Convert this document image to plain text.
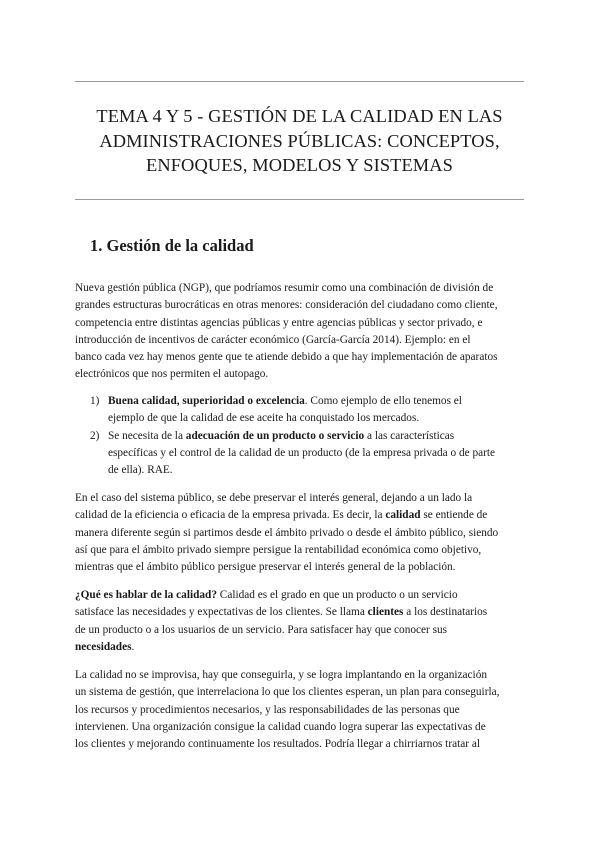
TEMA 4 Y 5 - GESTIÓN DE LA CALIDAD EN LAS
ADMINISTRACIONES PÚBLICAS: CONCEPTOS,
ENFOQUES, MODELOS Y SISTEMAS
1. Gestión de la calidad
Nueva gestión pública (NGP), que podríamos resumir como una combinación de división de
grandes estructuras burocráticas en otras menores: consideración del ciudadano como cliente,
competencia entre distintas agencias públicas y entre agencias públicas y sector privado, e
introducción de incentivos de carácter económico (García-García 2014). Ejemplo: en el
banco cada vez hay menos gente que te atiende debido a que hay implementación de aparatos
electrónicos que nos permiten el autopago.
1) Buena calidad, superioridad o excelencia. Como ejemplo de ello tenemos el
ejemplo de que la calidad de ese aceite ha conquistado los mercados.
2) Se necesita de la adecuación de un producto o servicio a las características
específicas y el control de la calidad de un producto (de la empresa privada o de parte
de ella). RAE.
En el caso del sistema público, se debe preservar el interés general, dejando a un lado la
calidad de la eficiencia o eficacia de la empresa privada. Es decir, la calidad se entiende de
manera diferente según si partimos desde el ámbito privado o desde el ámbito público, siendo
así que para el ámbito privado siempre persigue la rentabilidad económica como objetivo,
mientras que el ámbito público persigue preservar el interés general de la población.
¿Qué es hablar de la calidad? Calidad es el grado en que un producto o un servicio
satisface las necesidades y expectativas de los clientes. Se llama clientes a los destinatarios
de un producto o a los usuarios de un servicio. Para satisfacer hay que conocer sus
necesidades.
La calidad no se improvisa, hay que conseguirla, y se logra implantando en la organización
un sistema de gestión, que interrelaciona lo que los clientes esperan, un plan para conseguirla,
los recursos y procedimientos necesarios, y las responsabilidades de las personas que
intervienen. Una organización consigue la calidad cuando logra superar las expectativas de
los clientes y mejorando continuamente los resultados. Podría llegar a chirriarnos tratar al
